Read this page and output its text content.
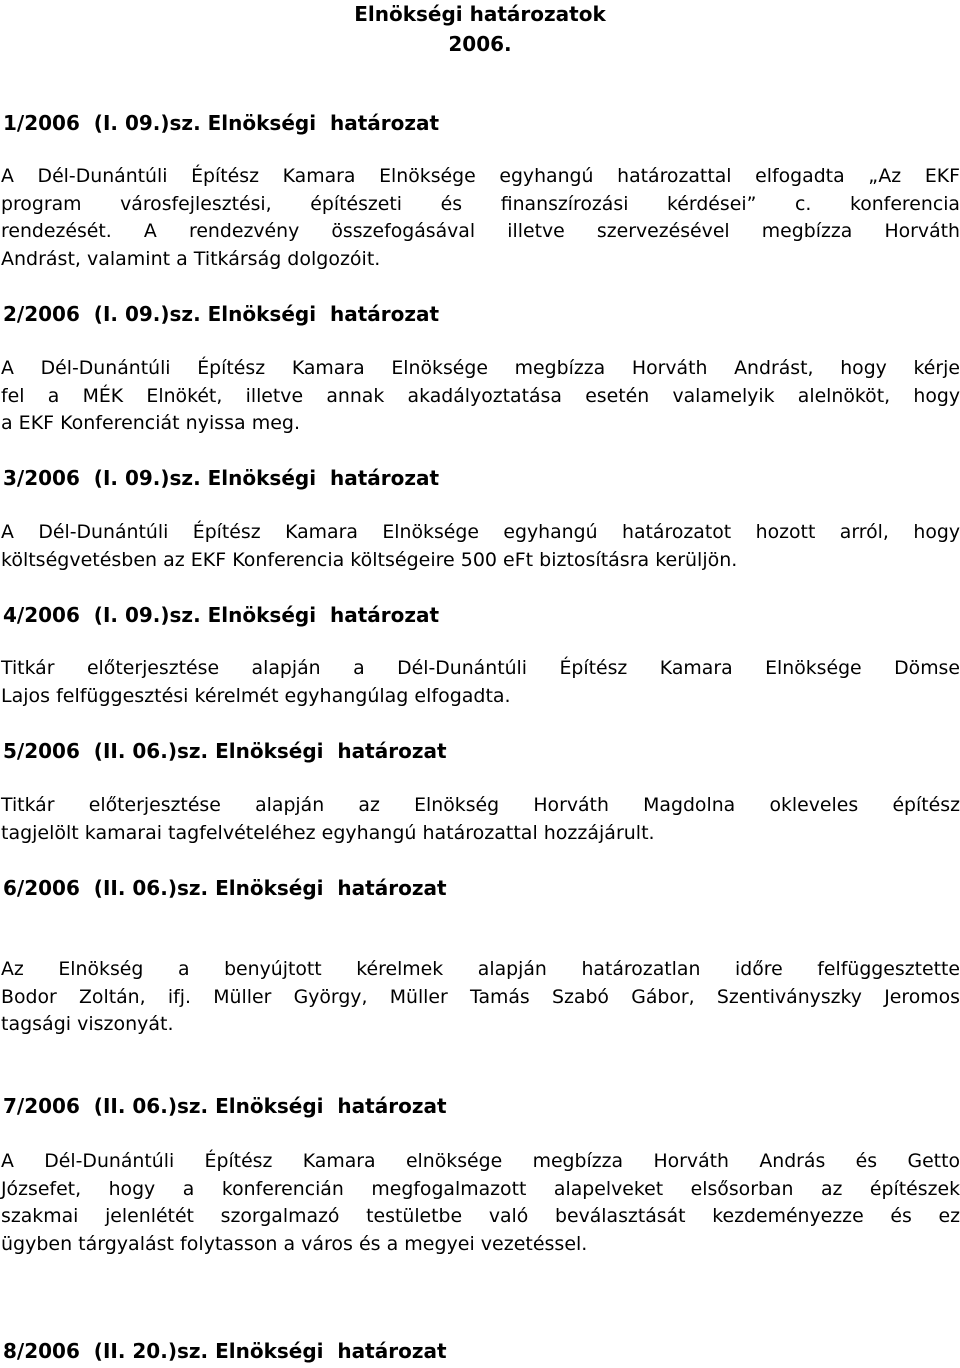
Elnökségi határozatok
2006.
1/2006  (I. 09.)sz. Elnökségi  határozat
A Dél-Dunántúli Építész Kamara Elnöksége egyhangú határozattal elfogadta „Az EKF
program városfejlesztési, építészeti és finanszírozási kérdései” c. konferencia
rendezését. A rendezvény összefogásával illetve szervezésével megbízza Horváth
Andrást, valamint a Titkárság dolgozóit.
2/2006  (I. 09.)sz. Elnökségi  határozat
A Dél-Dunántúli Építész Kamara Elnöksége megbízza Horváth Andrást, hogy kérje
fel a MÉK Elnökét, illetve annak akadályoztatása esetén valamelyik alelnököt, hogy
a EKF Konferenciát nyissa meg.
3/2006  (I. 09.)sz. Elnökségi  határozat
A Dél-Dunántúli Építész Kamara Elnöksége egyhangú határozatot hozott arról, hogy
költségvetésben az EKF Konferencia költségeire 500 eFt biztosításra kerüljön.
4/2006  (I. 09.)sz. Elnökségi  határozat
Titkár előterjesztése alapján a Dél-Dunántúli Építész Kamara Elnöksége Dömse
Lajos felfüggesztési kérelmét egyhangúlag elfogadta.
5/2006  (II. 06.)sz. Elnökségi  határozat
Titkár előterjesztése alapján az Elnökség Horváth Magdolna okleveles építész
tagjelölt kamarai tagfelvételéhez egyhangú határozattal hozzájárult.
6/2006  (II. 06.)sz. Elnökségi  határozat
Az Elnökség a benyújtott kérelmek alapján határozatlan időre felfüggesztette
Bodor Zoltán, ifj. Müller György, Müller Tamás Szabó Gábor, Szentiványszky Jeromos
tagsági viszonyát.
7/2006  (II. 06.)sz. Elnökségi  határozat
A Dél-Dunántúli Építész Kamara elnöksége megbízza Horváth András és Getto
Józsefet, hogy a konferencián megfogalmazott alapelveket elsősorban az építészek
szakmai jelenlétét szorgalmazó testületbe való beválasztását kezdeményezze és ez
ügyben tárgyalást folytasson a város és a megyei vezetéssel.
8/2006  (II. 20.)sz. Elnökségi  határozat
